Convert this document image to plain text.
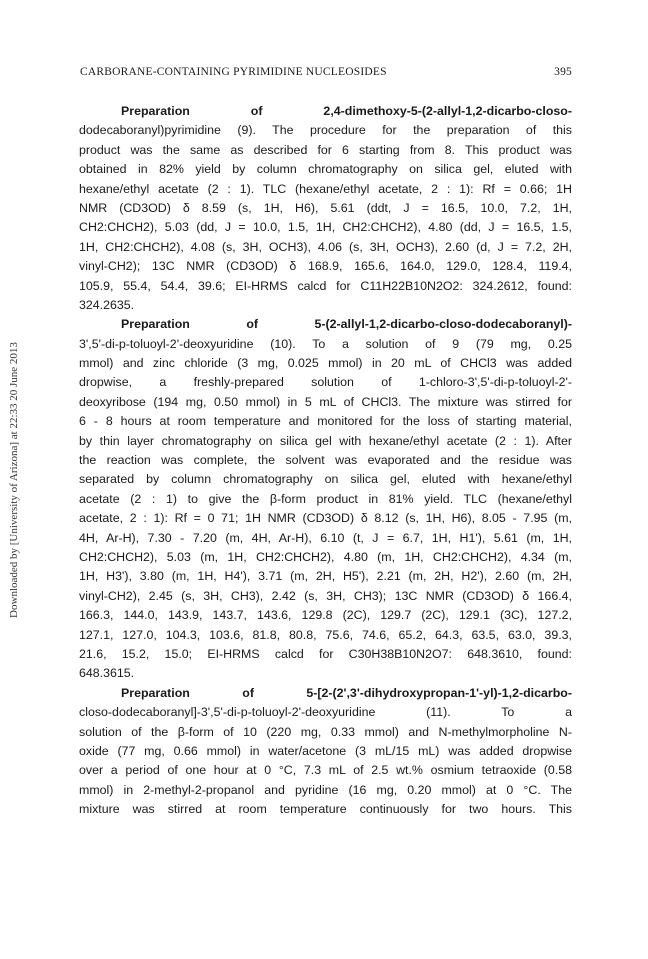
CARBORANE-CONTAINING PYRIMIDINE NUCLEOSIDES	395
Downloaded by [University of Arizona] at 22:33 20 June 2013
Preparation of 2,4-dimethoxy-5-(2-allyl-1,2-dicarbo-closo-
dodecaboranyl)pyrimidine (9). The procedure for the preparation of this
product was the same as described for 6 starting from 8. This product was
obtained in 82% yield by column chromatography on silica gel, eluted with
hexane/ethyl acetate (2 : 1). TLC (hexane/ethyl acetate, 2 : 1): Rf = 0.66; 1H
NMR (CD3OD) δ 8.59 (s, 1H, H6), 5.61 (ddt, J = 16.5, 10.0, 7.2, 1H,
CH2:CHCH2), 5.03 (dd, J = 10.0, 1.5, 1H, CH2:CHCH2), 4.80 (dd, J = 16.5, 1.5,
1H, CH2:CHCH2), 4.08 (s, 3H, OCH3), 4.06 (s, 3H, OCH3), 2.60 (d, J = 7.2, 2H,
vinyl-CH2); 13C NMR (CD3OD) δ 168.9, 165.6, 164.0, 129.0, 128.4, 119.4,
105.9, 55.4, 54.4, 39.6; EI-HRMS calcd for C11H22B10N2O2: 324.2612, found:
324.2635.
Preparation of 5-(2-allyl-1,2-dicarbo-closo-dodecaboranyl)-
3',5'-di-p-toluoyl-2'-deoxyuridine (10). To a solution of 9 (79 mg, 0.25
mmol) and zinc chloride (3 mg, 0.025 mmol) in 20 mL of CHCl3 was added
dropwise, a freshly-prepared solution of 1-chloro-3',5'-di-p-toluoyl-2'-
deoxyribose (194 mg, 0.50 mmol) in 5 mL of CHCl3. The mixture was stirred for
6 - 8 hours at room temperature and monitored for the loss of starting material,
by thin layer chromatography on silica gel with hexane/ethyl acetate (2 : 1). After
the reaction was complete, the solvent was evaporated and the residue was
separated by column chromatography on silica gel, eluted with hexane/ethyl
acetate (2 : 1) to give the β-form product in 81% yield. TLC (hexane/ethyl
acetate, 2 : 1): Rf = 0 71; 1H NMR (CD3OD) δ 8.12 (s, 1H, H6), 8.05 - 7.95 (m,
4H, Ar-H), 7.30 - 7.20 (m, 4H, Ar-H), 6.10 (t, J = 6.7, 1H, H1'), 5.61 (m, 1H,
CH2:CHCH2), 5.03 (m, 1H, CH2:CHCH2), 4.80 (m, 1H, CH2:CHCH2), 4.34 (m,
1H, H3'), 3.80 (m, 1H, H4'), 3.71 (m, 2H, H5'), 2.21 (m, 2H, H2'), 2.60 (m, 2H,
vinyl-CH2), 2.45 (s, 3H, CH3), 2.42 (s, 3H, CH3); 13C NMR (CD3OD) δ 166.4,
166.3, 144.0, 143.9, 143.7, 143.6, 129.8 (2C), 129.7 (2C), 129.1 (3C), 127.2,
127.1, 127.0, 104.3, 103.6, 81.8, 80.8, 75.6, 74.6, 65.2, 64.3, 63.5, 63.0, 39.3,
21.6, 15.2, 15.0; EI-HRMS calcd for C30H38B10N2O7: 648.3610, found:
648.3615.
Preparation of 5-[2-(2',3'-dihydroxypropan-1'-yl)-1,2-dicarbo-
closo-dodecaboranyl]-3',5'-di-p-toluoyl-2'-deoxyuridine (11). To a
solution of the β-form of 10 (220 mg, 0.33 mmol) and N-methylmorpholine N-
oxide (77 mg, 0.66 mmol) in water/acetone (3 mL/15 mL) was added dropwise
over a period of one hour at 0 °C, 7.3 mL of 2.5 wt.% osmium tetraoxide (0.58
mmol) in 2-methyl-2-propanol and pyridine (16 mg, 0.20 mmol) at 0 °C. The
mixture was stirred at room temperature continuously for two hours. This
